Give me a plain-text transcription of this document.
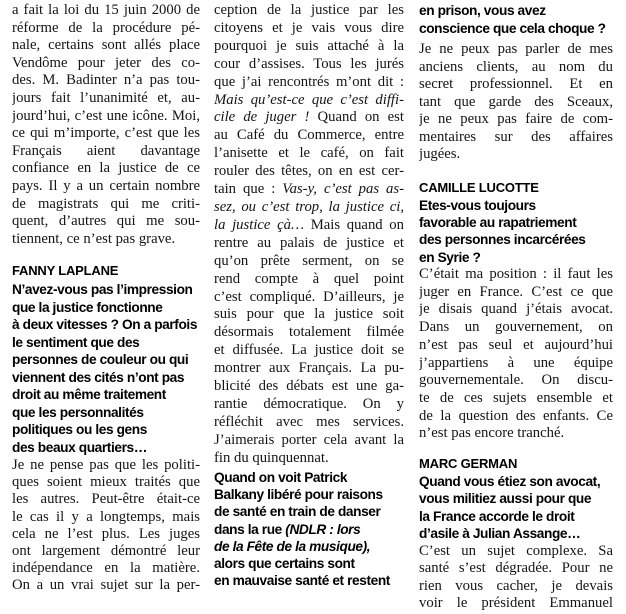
a fait la loi du 15 juin 2000 de
réforme de la procédure pé-
nale, certains sont allés place
Vendôme pour jeter des co-
des. M. Badinter n’a pas tou-
jours fait l’unanimité et, au-
jourd’hui, c’est une icône. Moi,
ce qui m’importe, c’est que les
Français aient davantage
confiance en la justice de ce
pays. Il y a un certain nombre
de magistrats qui me criti-
quent, d’autres qui me sou-
tiennent, ce n’est pas grave.
FANNY LAPLANE
N’avez-vous pas l’impression
que la justice fonctionne
à deux vitesses ? On a parfois
le sentiment que des
personnes de couleur ou qui
viennent des cités n’ont pas
droit au même traitement
que les personnalités
politiques ou les gens
des beaux quartiers…
Je ne pense pas que les politi-
ques soient mieux traités que
les autres. Peut-être était-ce
le cas il y a longtemps, mais
cela ne l’est plus. Les juges
ont largement démontré leur
indépendance en la matière.
On a un vrai sujet sur la per-
ception de la justice par les
citoyens et je vais vous dire
pourquoi je suis attaché à la
cour d’assises. Tous les jurés
que j’ai rencontrés m’ont dit :
Mais qu’est-ce que c’est diffi-
cile de juger ! Quand on est
au Café du Commerce, entre
l’anisette et le café, on fait
rouler des têtes, on en est cer-
tain que : Vas-y, c’est pas as-
sez, ou c’est trop, la justice ci,
la justice çà… Mais quand on
rentre au palais de justice et
qu’on prête serment, on se
rend compte à quel point
c’est compliqué. D’ailleurs, je
suis pour que la justice soit
désormais totalement filmée
et diffusée. La justice doit se
montrer aux Français. La pu-
blicité des débats est une ga-
rantie démocratique. On y
réfléchit avec mes services.
J’aimerais porter cela avant la
fin du quinquennat.
Quand on voit Patrick
Balkany libéré pour raisons
de santé en train de danser
dans la rue (NDLR : lors
de la Fête de la musique),
alors que certains sont
en mauvaise santé et restent
en prison, vous avez
conscience que cela choque ?
Je ne peux pas parler de mes
anciens clients, au nom du
secret professionnel. Et en
tant que garde des Sceaux,
je ne peux pas faire de com-
mentaires sur des affaires
jugées.
CAMILLE LUCOTTE
Etes-vous toujours
favorable au rapatriement
des personnes incarcérées
en Syrie ?
C’était ma position : il faut les
juger en France. C’est ce que
je disais quand j’étais avocat.
Dans un gouvernement, on
n’est pas seul et aujourd’hui
j’appartiens à une équipe
gouvernementale. On discu-
te de ces sujets ensemble et
de la question des enfants. Ce
n’est pas encore tranché.
MARC GERMAN
Quand vous étiez son avocat,
vous militiez aussi pour que
la France accorde le droit
d’asile à Julian Assange…
C’est un sujet complexe. Sa
santé s’est dégradée. Pour ne
rien vous cacher, je devais
voir le président Emmanuel
